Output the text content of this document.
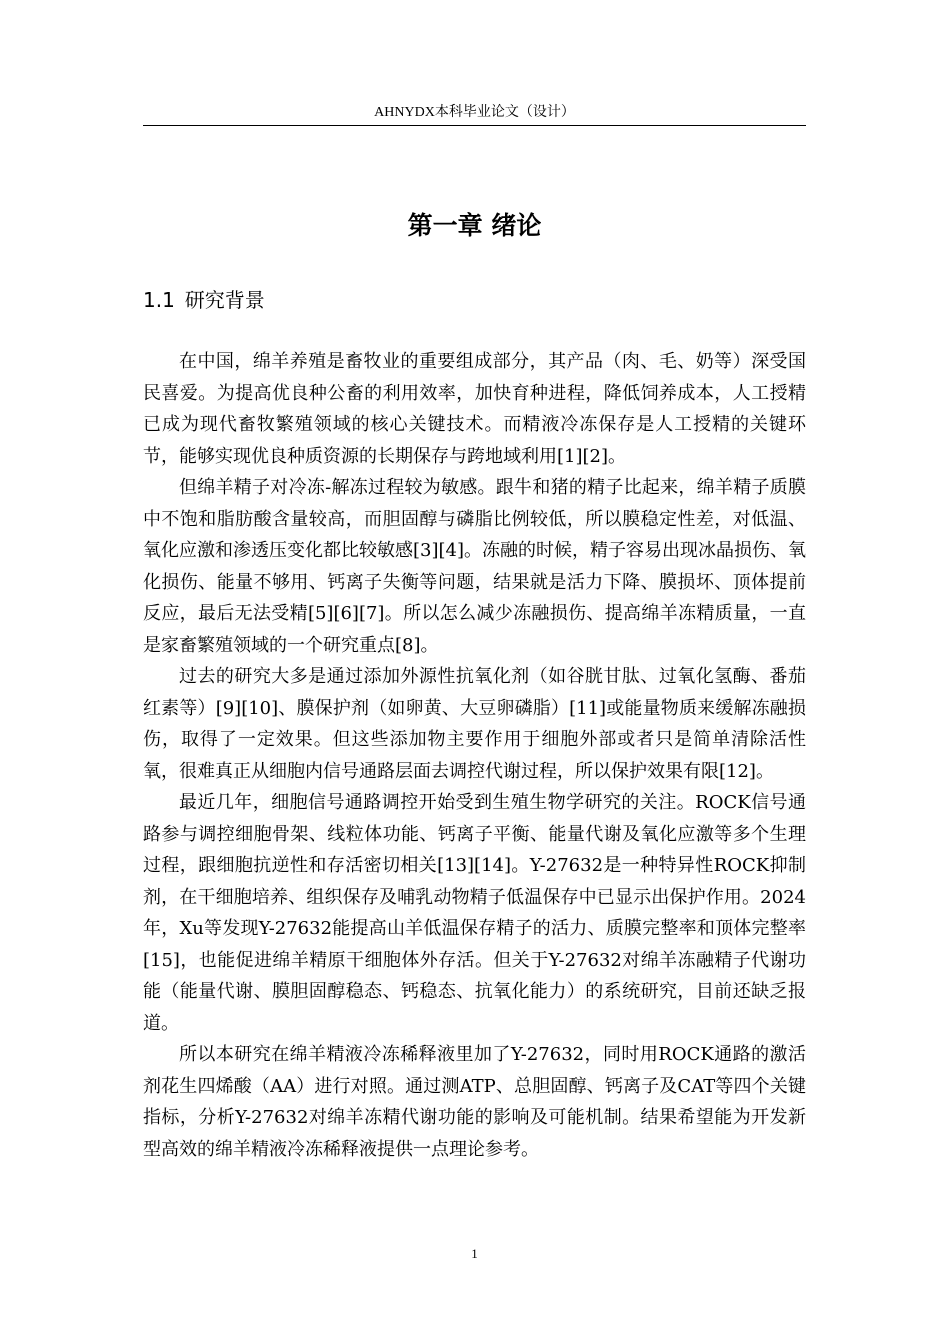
AHNYDX本科毕业论文（设计）
第一章 绪论
1.1 研究背景

在中国，绵羊养殖是畜牧业的重要组成部分，其产品（肉、毛、奶等）深受国民喜爱。为提高优良种公畜的利用效率，加快育种进程，降低饲养成本，人工授精已成为现代畜牧繁殖领域的核心关键技术。而精液冷冻保存是人工授精的关键环节，能够实现优良种质资源的长期保存与跨地域利用[1][2]。

但绵羊精子对冷冻-解冻过程较为敏感。跟牛和猪的精子比起来，绵羊精子质膜中不饱和脂肪酸含量较高，而胆固醇与磷脂比例较低，所以膜稳定性差，对低温、氧化应激和渗透压变化都比较敏感[3][4]。冻融的时候，精子容易出现冰晶损伤、氧化损伤、能量不够用、钙离子失衡等问题，结果就是活力下降、膜损坏、顶体提前反应，最后无法受精[5][6][7]。所以怎么减少冻融损伤、提高绵羊冻精质量，一直是家畜繁殖领域的一个研究重点[8]。

过去的研究大多是通过添加外源性抗氧化剂（如谷胱甘肽、过氧化氢酶、番茄红素等）[9][10]、膜保护剂（如卵黄、大豆卵磷脂）[11]或能量物质来缓解冻融损伤，取得了一定效果。但这些添加物主要作用于细胞外部或者只是简单清除活性氧，很难真正从细胞内信号通路层面去调控代谢过程，所以保护效果有限[12]。

最近几年，细胞信号通路调控开始受到生殖生物学研究的关注。ROCK信号通路参与调控细胞骨架、线粒体功能、钙离子平衡、能量代谢及氧化应激等多个生理过程，跟细胞抗逆性和存活密切相关[13][14]。Y-27632是一种特异性ROCK抑制剂，在干细胞培养、组织保存及哺乳动物精子低温保存中已显示出保护作用。2024年，Xu等发现Y-27632能提高山羊低温保存精子的活力、质膜完整率和顶体完整率[15]，也能促进绵羊精原干细胞体外存活。但关于Y-27632对绵羊冻融精子代谢功能（能量代谢、膜胆固醇稳态、钙稳态、抗氧化能力）的系统研究，目前还缺乏报道。

所以本研究在绵羊精液冷冻稀释液里加了Y-27632，同时用ROCK通路的激活剂花生四烯酸（AA）进行对照。通过测ATP、总胆固醇、钙离子及CAT等四个关键指标，分析Y-27632对绵羊冻精代谢功能的影响及可能机制。结果希望能为开发新型高效的绵羊精液冷冻稀释液提供一点理论参考。

1
